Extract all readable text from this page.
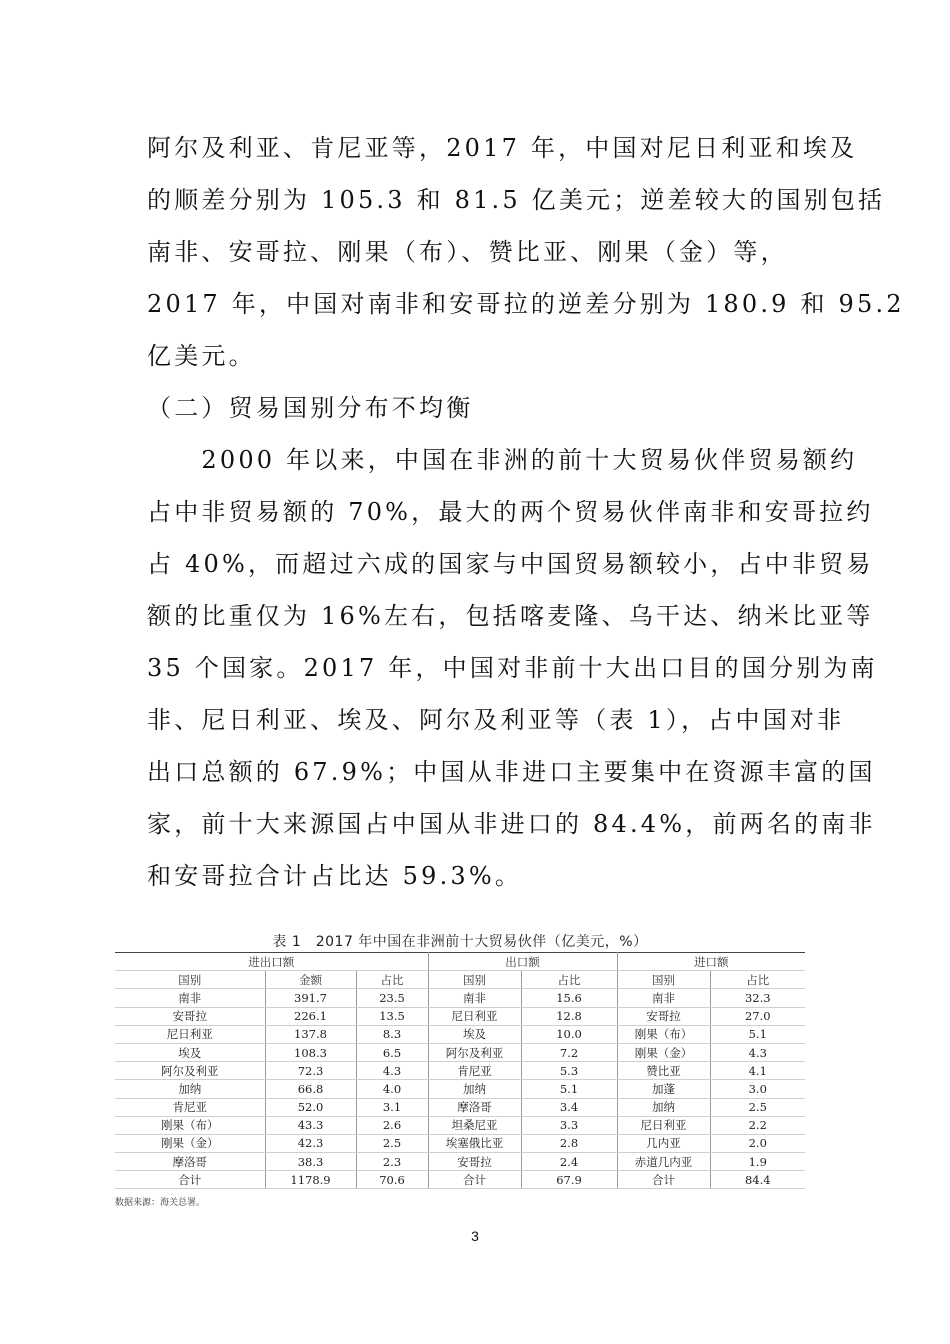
阿尔及利亚、肯尼亚等，2017 年，中国对尼日利亚和埃及
的顺差分别为 105.3 和 81.5 亿美元；逆差较大的国别包括
南非、安哥拉、刚果（布）、赞比亚、刚果（金）等，
2017 年，中国对南非和安哥拉的逆差分别为 180.9 和 95.2
亿美元。
（二）贸易国别分布不均衡
　　2000 年以来，中国在非洲的前十大贸易伙伴贸易额约
占中非贸易额的 70%，最大的两个贸易伙伴南非和安哥拉约
占 40%，而超过六成的国家与中国贸易额较小，占中非贸易
额的比重仅为 16%左右，包括喀麦隆、乌干达、纳米比亚等
35 个国家。2017 年，中国对非前十大出口目的国分别为南
非、尼日利亚、埃及、阿尔及利亚等（表 1），占中国对非
出口总额的 67.9%；中国从非进口主要集中在资源丰富的国
家，前十大来源国占中国从非进口的 84.4%，前两名的南非
和安哥拉合计占比达 59.3%。
表 1　2017 年中国在非洲前十大贸易伙伴（亿美元，%）
进出口额			出口额		进口额	
国别	金额	占比	国别	占比	国别	占比
南非	391.7	23.5	南非	15.6	南非	32.3
安哥拉	226.1	13.5	尼日利亚	12.8	安哥拉	27.0
尼日利亚	137.8	8.3	埃及	10.0	刚果（布）	5.1
埃及	108.3	6.5	阿尔及利亚	7.2	刚果（金）	4.3
阿尔及利亚	72.3	4.3	肯尼亚	5.3	赞比亚	4.1
加纳	66.8	4.0	加纳	5.1	加蓬	3.0
肯尼亚	52.0	3.1	摩洛哥	3.4	加纳	2.5
刚果（布）	43.3	2.6	坦桑尼亚	3.3	尼日利亚	2.2
刚果（金）	42.3	2.5	埃塞俄比亚	2.8	几内亚	2.0
摩洛哥	38.3	2.3	安哥拉	2.4	赤道几内亚	1.9
合计	1178.9	70.6	合计	67.9	合计	84.4
数据来源：海关总署。
3
